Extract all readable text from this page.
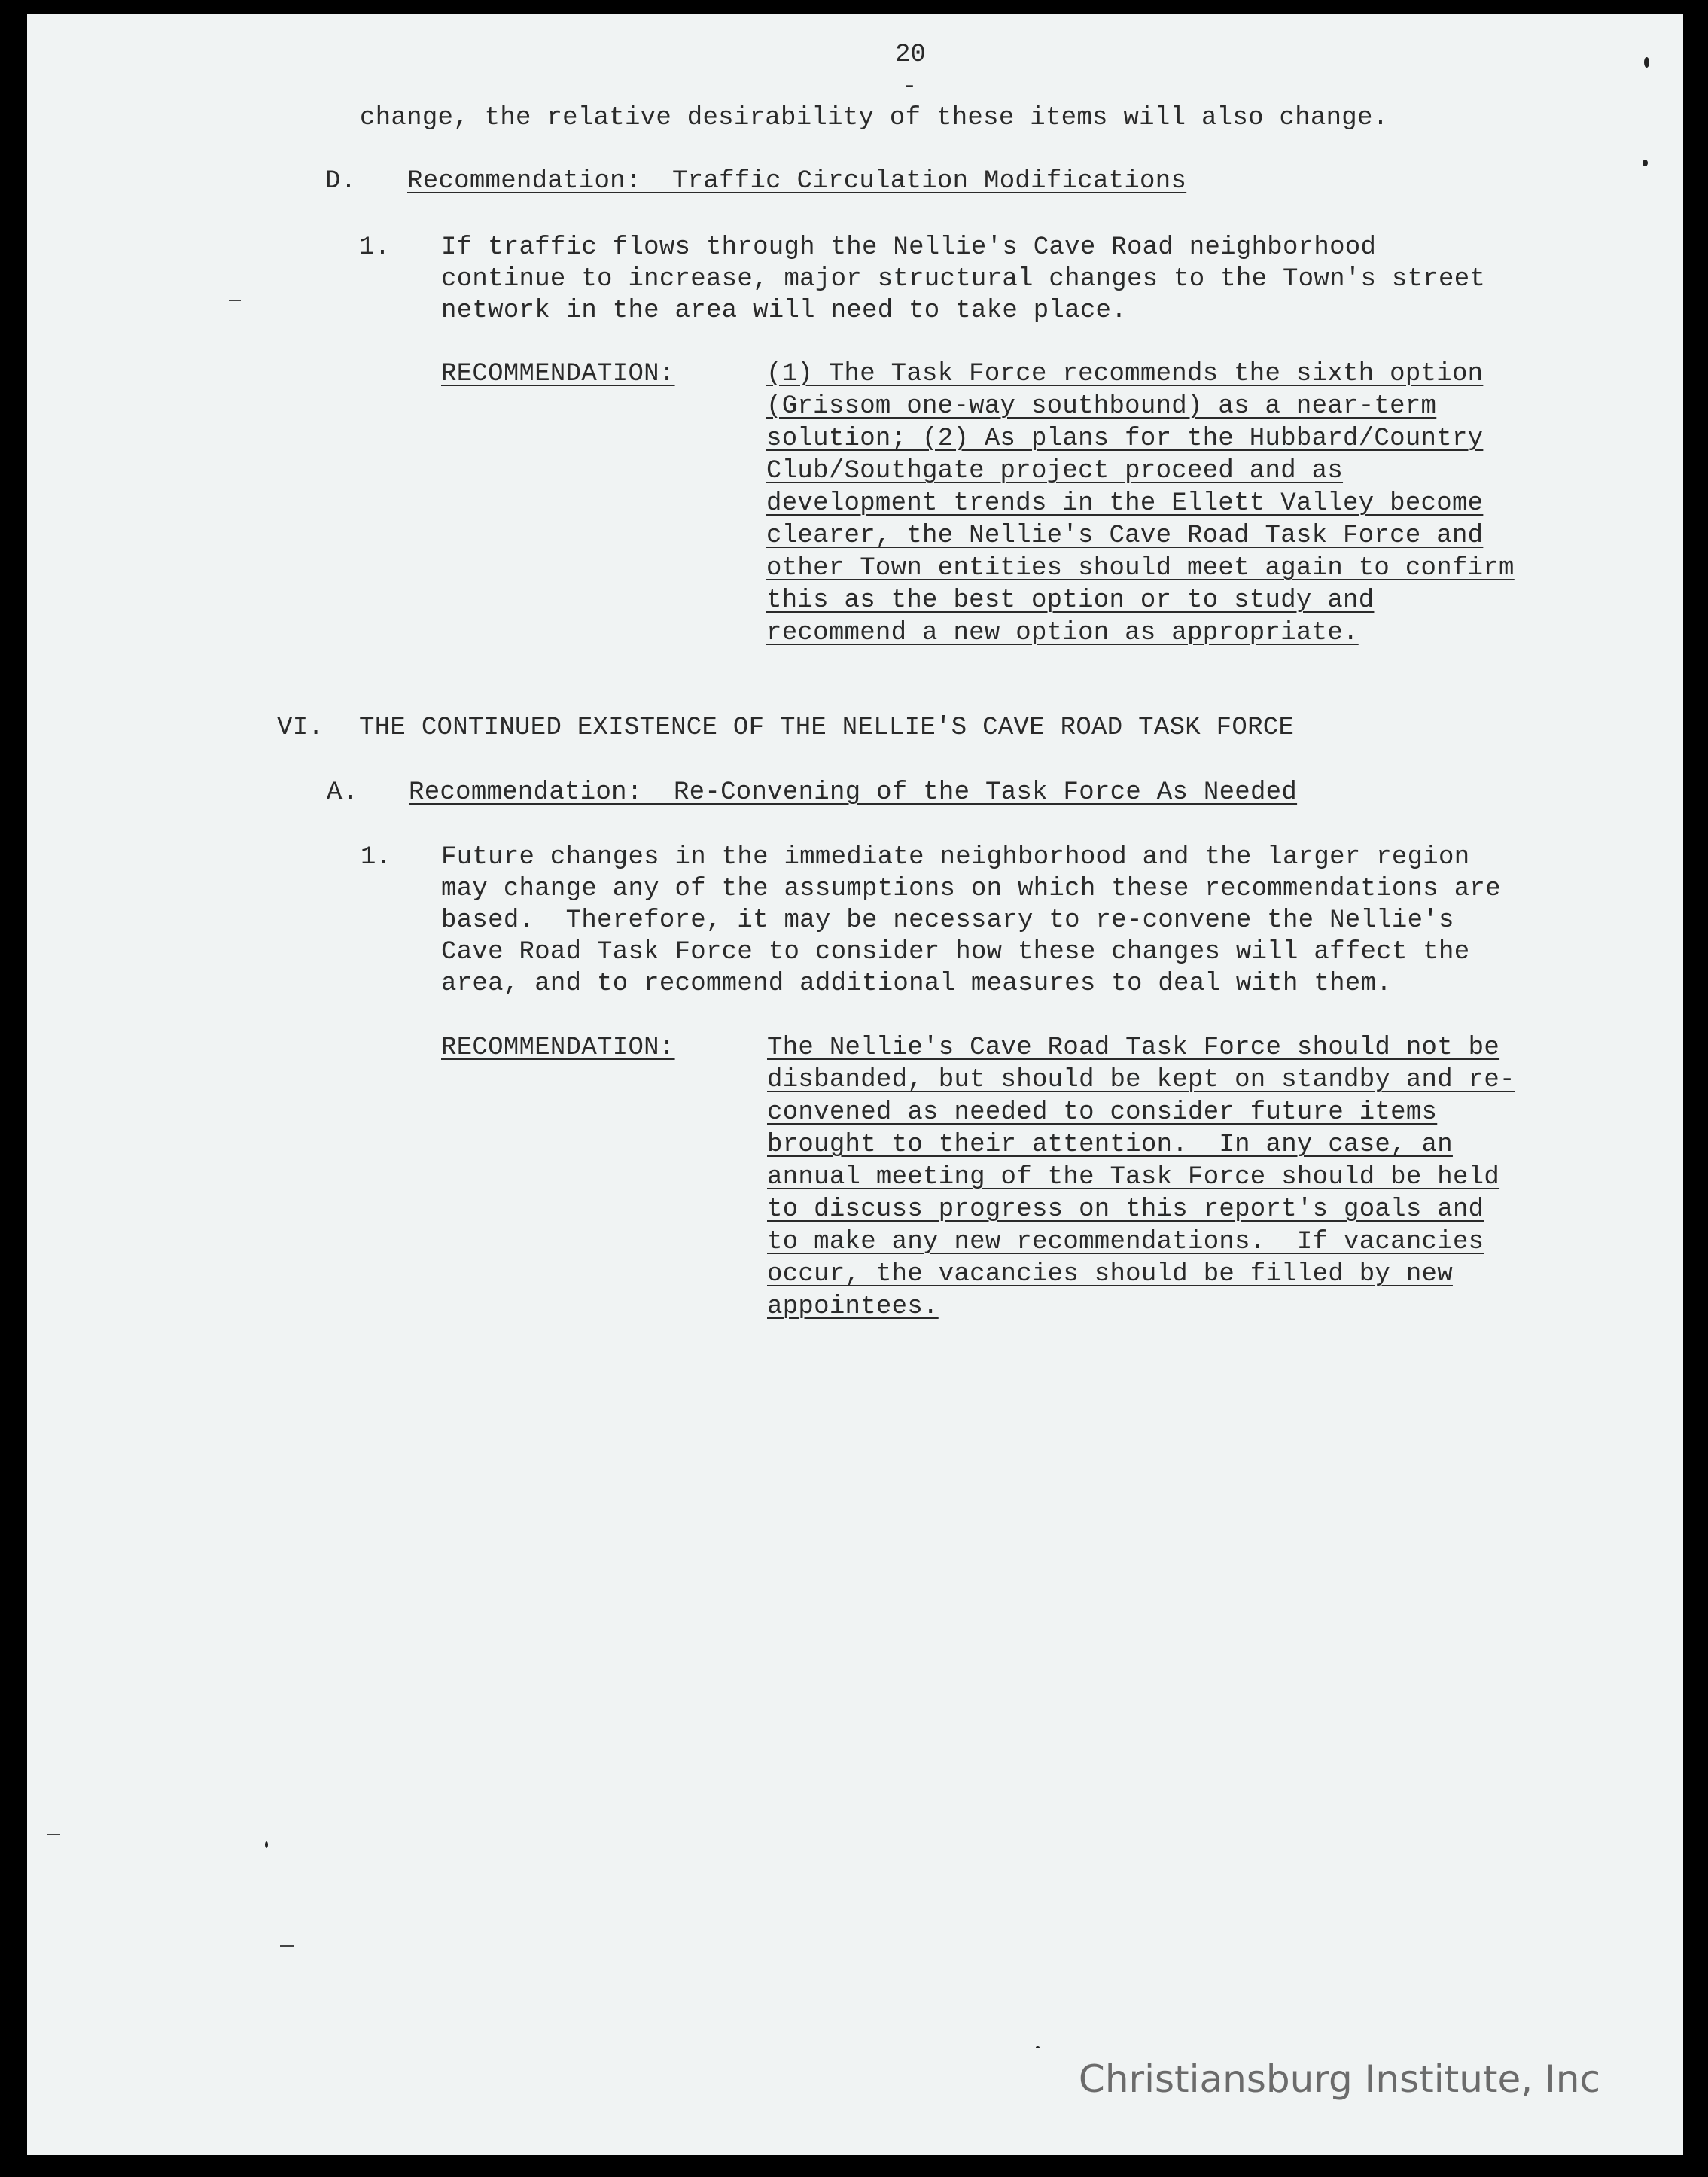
20
-
change, the relative desirability of these items will also change.
D. Recommendation:  Traffic Circulation Modifications
1. If traffic flows through the Nellie's Cave Road neighborhood
continue to increase, major structural changes to the Town's street
network in the area will need to take place.
RECOMMENDATION:	(1) The Task Force recommends the sixth option
(Grissom one-way southbound) as a near-term
solution; (2) As plans for the Hubbard/Country
Club/Southgate project proceed and as
development trends in the Ellett Valley become
clearer, the Nellie's Cave Road Task Force and
other Town entities should meet again to confirm
this as the best option or to study and
recommend a new option as appropriate.
VI. THE CONTINUED EXISTENCE OF THE NELLIE'S CAVE ROAD TASK FORCE
A. Recommendation:  Re-Convening of the Task Force As Needed
1. Future changes in the immediate neighborhood and the larger region
may change any of the assumptions on which these recommendations are
based.  Therefore, it may be necessary to re-convene the Nellie's
Cave Road Task Force to consider how these changes will affect the
area, and to recommend additional measures to deal with them.
RECOMMENDATION:	The Nellie's Cave Road Task Force should not be
disbanded, but should be kept on standby and re-
convened as needed to consider future items
brought to their attention.  In any case, an
annual meeting of the Task Force should be held
to discuss progress on this report's goals and
to make any new recommendations.  If vacancies
occur, the vacancies should be filled by new
appointees.
Christiansburg Institute, Inc
